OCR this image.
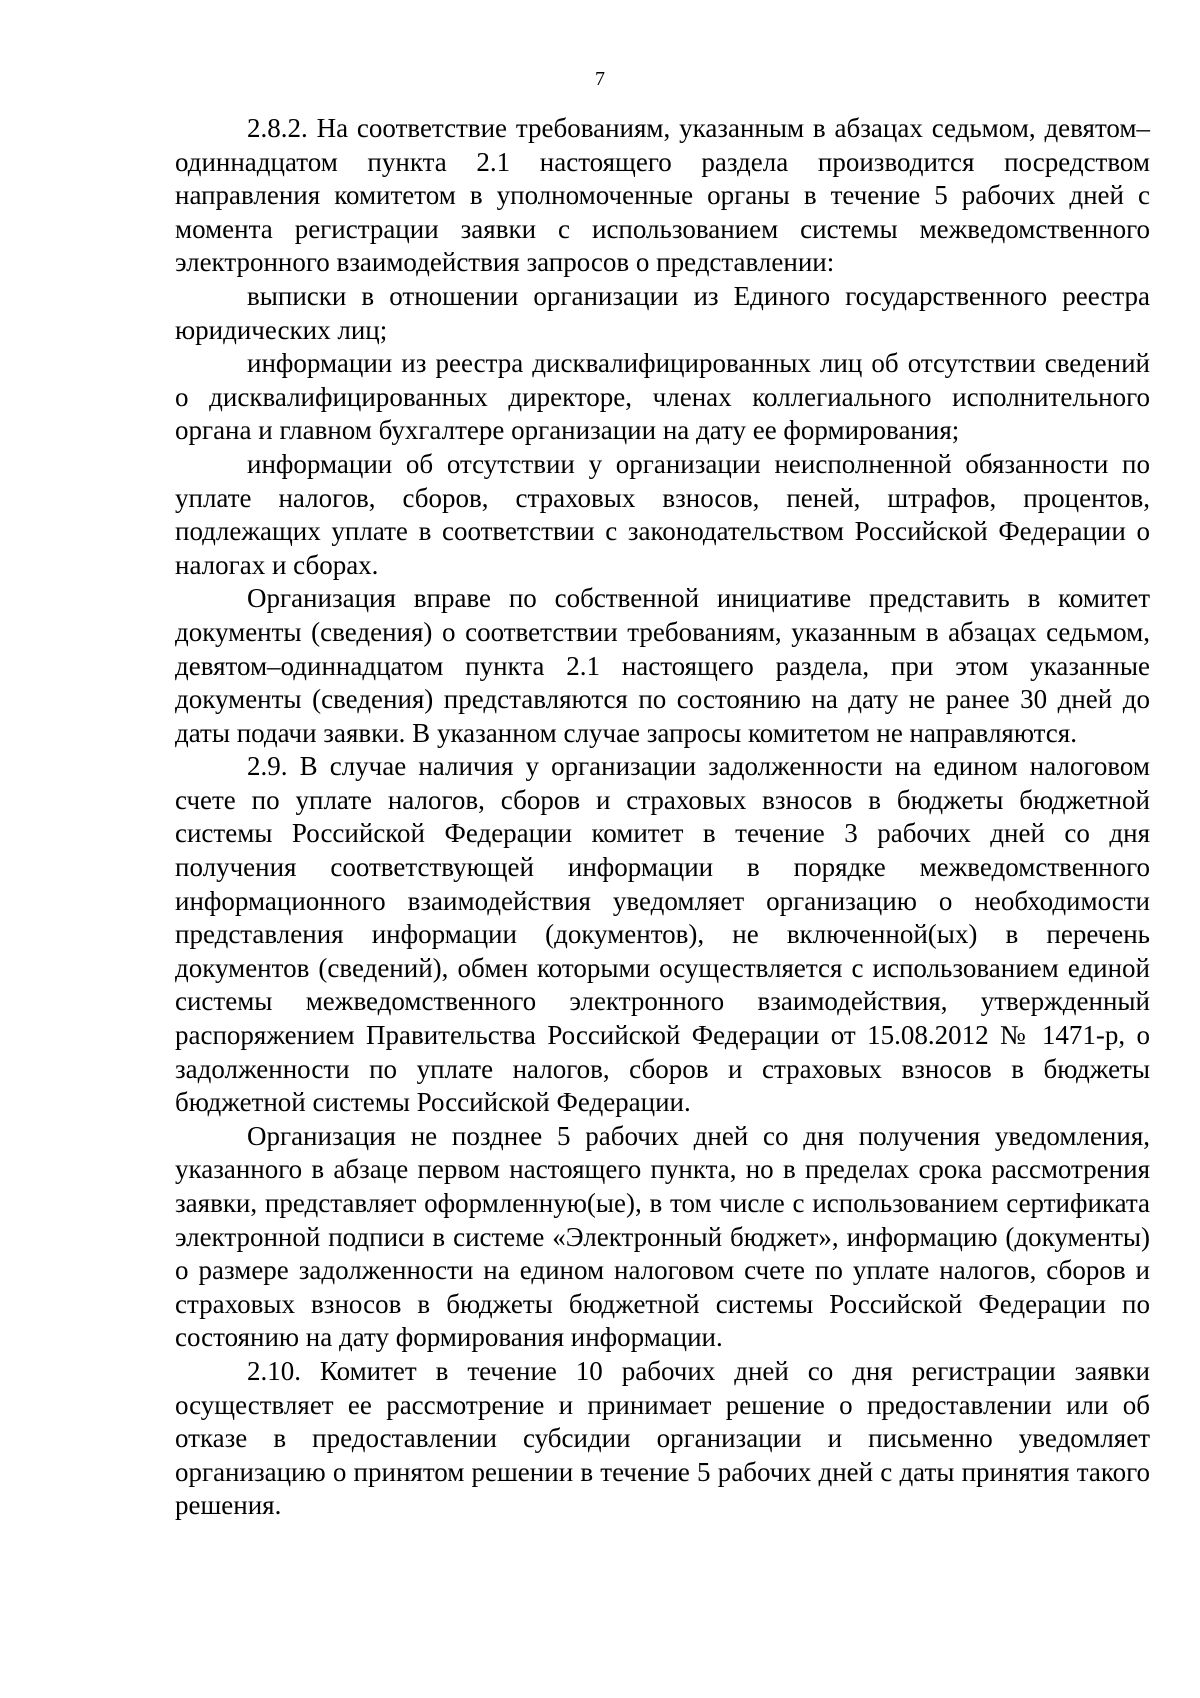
7

2.8.2. На соответствие требованиям, указанным в абзацах седьмом, девятом–одиннадцатом пункта 2.1 настоящего раздела производится посредством направления комитетом в уполномоченные органы в течение 5 рабочих дней с момента регистрации заявки с использованием системы межведомственного электронного взаимодействия запросов о представлении:

выписки в отношении организации из Единого государственного реестра юридических лиц;

информации из реестра дисквалифицированных лиц об отсутствии сведений о дисквалифицированных директоре, членах коллегиального исполнительного органа и главном бухгалтере организации на дату ее формирования;

информации об отсутствии у организации неисполненной обязанности по уплате налогов, сборов, страховых взносов, пеней, штрафов, процентов, подлежащих уплате в соответствии с законодательством Российской Федерации о налогах и сборах.

Организация вправе по собственной инициативе представить в комитет документы (сведения) о соответствии требованиям, указанным в абзацах седьмом, девятом–одиннадцатом пункта 2.1 настоящего раздела, при этом указанные документы (сведения) представляются по состоянию на дату не ранее 30 дней до даты подачи заявки. В указанном случае запросы комитетом не направляются.

2.9. В случае наличия у организации задолженности на едином налоговом счете по уплате налогов, сборов и страховых взносов в бюджеты бюджетной системы Российской Федерации комитет в течение 3 рабочих дней со дня получения соответствующей информации в порядке межведомственного информационного взаимодействия уведомляет организацию о необходимости представления информации (документов), не включенной(ых) в перечень документов (сведений), обмен которыми осуществляется с использованием единой системы межведомственного электронного взаимодействия, утвержденный распоряжением Правительства Российской Федерации от 15.08.2012 № 1471-р, о задолженности по уплате налогов, сборов и страховых взносов в бюджеты бюджетной системы Российской Федерации.

Организация не позднее 5 рабочих дней со дня получения уведомления, указанного в абзаце первом настоящего пункта, но в пределах срока рассмотрения заявки, представляет оформленную(ые), в том числе с использованием сертификата электронной подписи в системе «Электронный бюджет», информацию (документы) о размере задолженности на едином налоговом счете по уплате налогов, сборов и страховых взносов в бюджеты бюджетной системы Российской Федерации по состоянию на дату формирования информации.

2.10. Комитет в течение 10 рабочих дней со дня регистрации заявки осуществляет ее рассмотрение и принимает решение о предоставлении или об отказе в предоставлении субсидии организации и письменно уведомляет организацию о принятом решении в течение 5 рабочих дней с даты принятия такого решения.
